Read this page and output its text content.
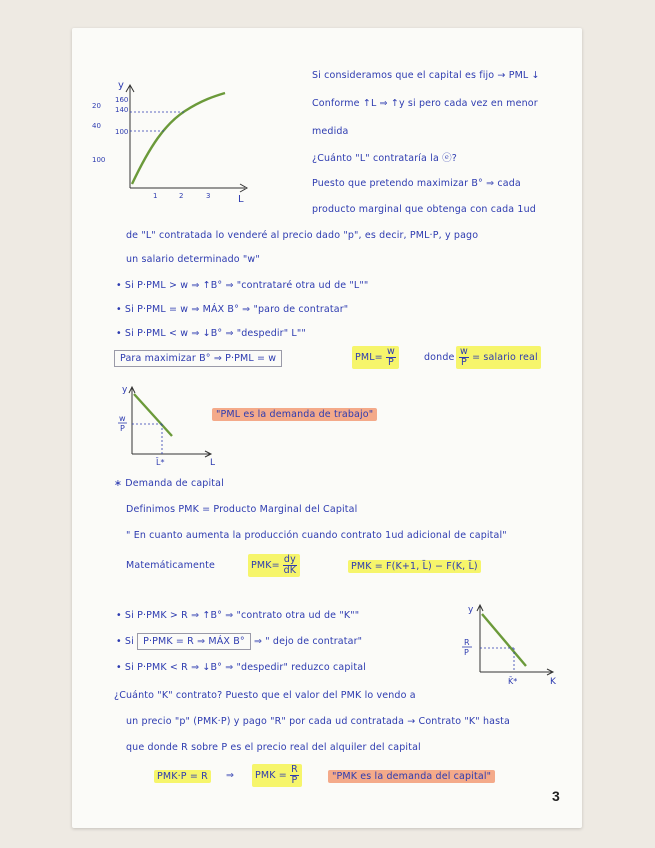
y
L
160
140
100
20
40
100
1	2	3
Si consideramos que el capital es fijo → PML ↓
Conforme ↑L ⇒ ↑y si pero cada vez en menor
medida
¿Cuánto "L" contrataría la ⓔ?
Puesto que pretendo maximizar B° ⇒ cada
producto marginal que obtenga con cada 1ud
de "L" contratada lo venderé al precio dado "p", es decir, PML·P, y pago
un salario determinado "w"
• Si P·PML > w ⇒ ↑B° ⇒ "contrataré otra ud de "L""
• Si P·PML = w ⇒ MÁX B° ⇒ "paro de contratar"
• Si P·PML < w ⇒ ↓B° ⇒ "despedir" L""
Para maximizar B° ⇒ P·PML = w	$PML= \frac{w}{P}$	donde $\frac{w}{P}$ = salario real
y
w
P
L̄*	L
"PML es la demanda de trabajo"
∗ Demanda de capital
Definimos PMK = Producto Marginal del Capital
" En cuanto aumenta la producción cuando contrato 1ud adicional de capital"
Matemáticamente	$PMK= \frac{dy}{dK}$	PMK = F(K+1, L̄) − F(K, L̄)
• Si P·PMK > R ⇒ ↑B° ⇒ "contrato otra ud de "K""
• Si P·PMK = R ⇒ MÁX B° ⇒ " dejo de contratar"
• Si P·PMK < R ⇒ ↓B° ⇒ "despedir" reduzco capital
y
R
P
K̄*	K
¿Cuánto "K" contrato? Puesto que el valor del PMK lo vendo a
un precio "p" (PMK·P) y pago "R" por cada ud contratada → Contrato "K" hasta
que donde R sobre P es el precio real del alquiler del capital
PMK·P = R	⇒	PMK = $\frac{R}{P}$	"PMK es la demanda del capital"
3
